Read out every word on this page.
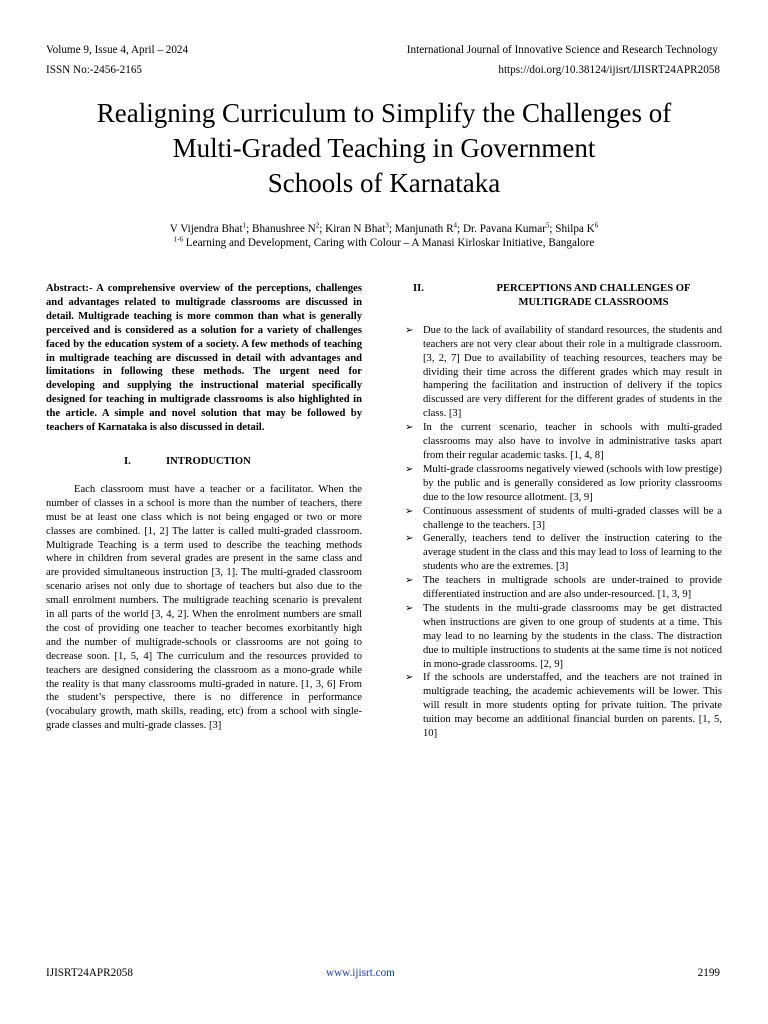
Volume 9, Issue 4, April – 2024	International Journal of Innovative Science and Research Technology
ISSN No:-2456-2165	https://doi.org/10.38124/ijisrt/IJISRT24APR2058
Realigning Curriculum to Simplify the Challenges of
Multi-Graded Teaching in Government
Schools of Karnataka
V Vijendra Bhat$^1$; Bhanushree $N^2$; Kiran N Bhat$^3$; Manjunath $R^4$; Dr. Pavana Kumar$^5$; Shilpa $K^6$
$^{1-6}$ Learning and Development, Caring with Colour – A Manasi Kirloskar Initiative, Bangalore

Abstract:- A comprehensive overview of the perceptions, challenges and advantages related to multigrade classrooms are discussed in detail. Multigrade teaching is more common than what is generally perceived and is considered as a solution for a variety of challenges faced by the education system of a society. A few methods of teaching in multigrade teaching are discussed in detail with advantages and limitations in following these methods. The urgent need for developing and supplying the instructional material specifically designed for teaching in multigrade classrooms is also highlighted in the article. A simple and novel solution that may be followed by teachers of Karnataka is also discussed in detail.

I.	INTRODUCTION

Each classroom must have a teacher or a facilitator. When the number of classes in a school is more than the number of teachers, there must be at least one class which is not being engaged or two or more classes are combined. [1, 2] The latter is called multi-graded classroom. Multigrade Teaching is a term used to describe the teaching methods where in children from several grades are present in the same class and are provided simultaneous instruction [3, 1]. The multi-graded classroom scenario arises not only due to shortage of teachers but also due to the small enrolment numbers. The multigrade teaching scenario is prevalent in all parts of the world [3, 4, 2]. When the enrolment numbers are small the cost of providing one teacher to teacher becomes exorbitantly high and the number of multigrade-schools or classrooms are not going to decrease soon. [1, 5, 4] The curriculum and the resources provided to teachers are designed considering the classroom as a mono-grade while the reality is that many classrooms multi-graded in nature. [1, 3, 6] From the student’s perspective, there is no difference in performance (vocabulary growth, math skills, reading, etc) from a school with single-grade classes and multi-grade classes. [3]

II.	PERCEPTIONS AND CHALLENGES OF
MULTIGRADE CLASSROOMS
➢ Due to the lack of availability of standard resources, the students and teachers are not very clear about their role in a multigrade classroom. [3, 2, 7] Due to availability of teaching resources, teachers may be dividing their time across the different grades which may result in hampering the facilitation and instruction of delivery if the topics discussed are very different for the different grades of students in the class. [3]
➢ In the current scenario, teacher in schools with multi-graded classrooms may also have to involve in administrative tasks apart from their regular academic tasks. [1, 4, 8]
➢ Multi-grade classrooms negatively viewed (schools with low prestige) by the public and is generally considered as low priority classrooms due to the low resource allotment. [3, 9]
➢ Continuous assessment of students of multi-graded classes will be a challenge to the teachers. [3]
➢ Generally, teachers tend to deliver the instruction catering to the average student in the class and this may lead to loss of learning to the students who are the extremes. [3]
➢ The teachers in multigrade schools are under-trained to provide differentiated instruction and are also under-resourced. [1, 3, 9]
➢ The students in the multi-grade classrooms may be get distracted when instructions are given to one group of students at a time. This may lead to no learning by the students in the class. The distraction due to multiple instructions to students at the same time is not noticed in mono-grade classrooms. [2, 9]
➢ If the schools are understaffed, and the teachers are not trained in multigrade teaching, the academic achievements will be lower. This will result in more students opting for private tuition. The private tuition may become an additional financial burden on parents. [1, 5, 10]
IJISRT24APR2058	www.ijisrt.com	2199
